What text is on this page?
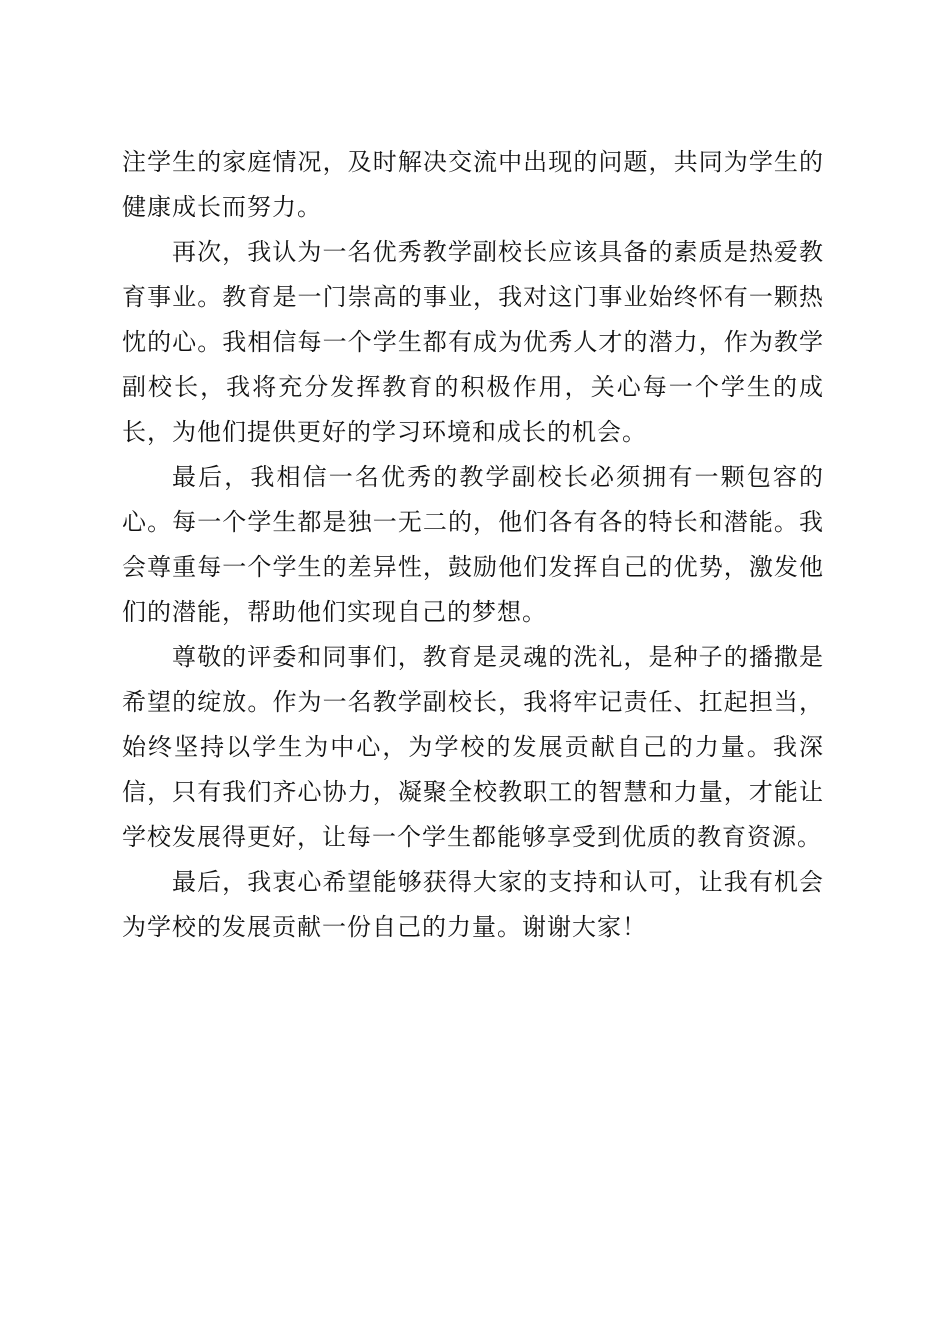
注学生的家庭情况，及时解决交流中出现的问题，共同为学生的健康成长而努力。

再次，我认为一名优秀教学副校长应该具备的素质是热爱教育事业。教育是一门崇高的事业，我对这门事业始终怀有一颗热忱的心。我相信每一个学生都有成为优秀人才的潜力，作为教学副校长，我将充分发挥教育的积极作用，关心每一个学生的成长，为他们提供更好的学习环境和成长的机会。

最后，我相信一名优秀的教学副校长必须拥有一颗包容的心。每一个学生都是独一无二的，他们各有各的特长和潜能。我会尊重每一个学生的差异性，鼓励他们发挥自己的优势，激发他们的潜能，帮助他们实现自己的梦想。

尊敬的评委和同事们，教育是灵魂的洗礼，是种子的播撒是希望的绽放。作为一名教学副校长，我将牢记责任、扛起担当，始终坚持以学生为中心，为学校的发展贡献自己的力量。我深信，只有我们齐心协力，凝聚全校教职工的智慧和力量，才能让学校发展得更好，让每一个学生都能够享受到优质的教育资源。

最后，我衷心希望能够获得大家的支持和认可，让我有机会为学校的发展贡献一份自己的力量。谢谢大家！
